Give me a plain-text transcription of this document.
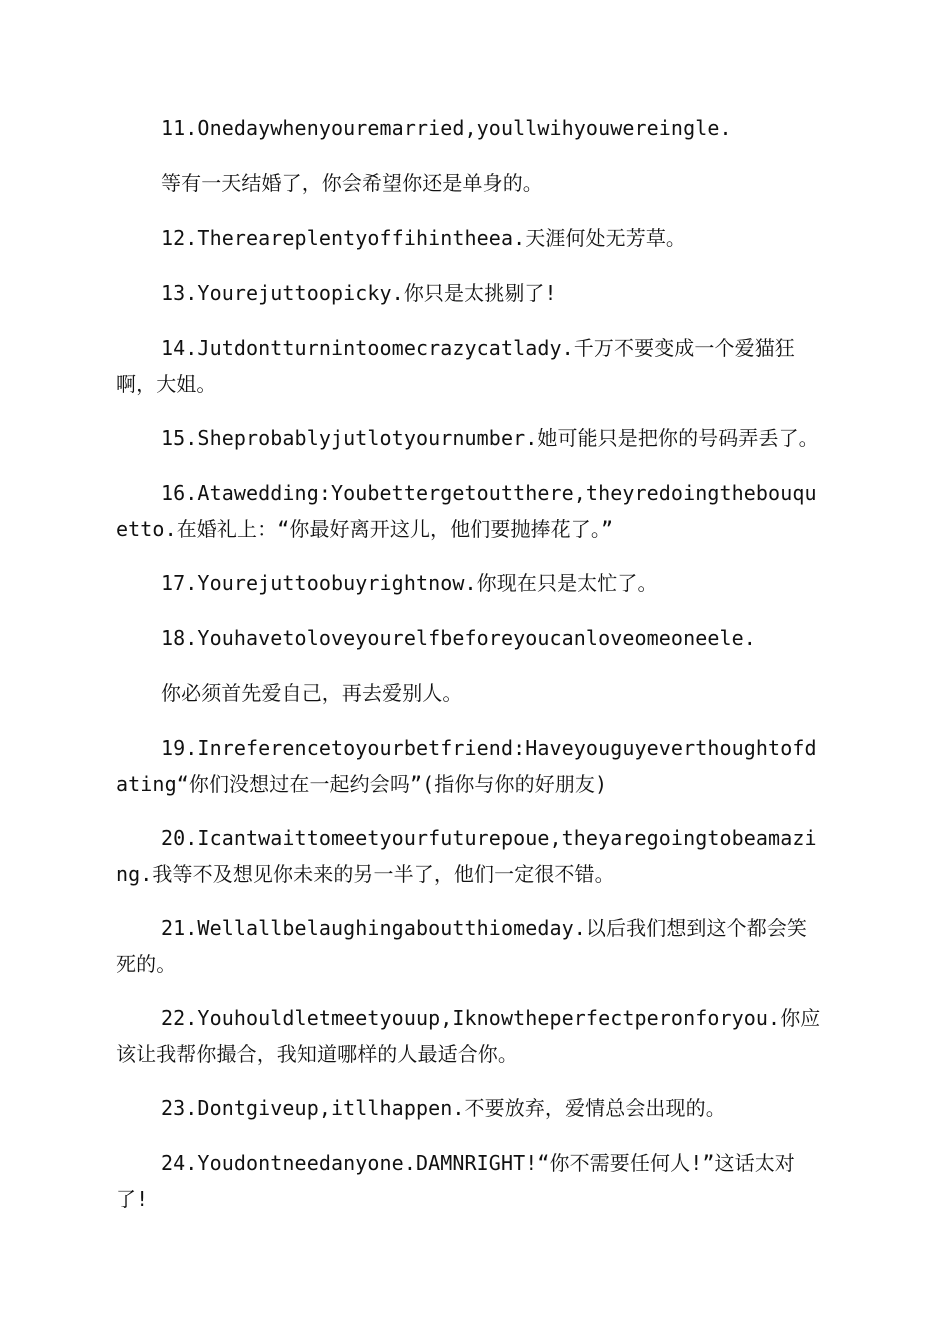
11.Onedaywhenyouremarried,youllwihyouwereingle.

等有一天结婚了，你会希望你还是单身的。

12.Thereareplentyoffihintheea.天涯何处无芳草。

13.Yourejuttoopicky.你只是太挑剔了!

14.Jutdontturnintoomecrazycatlady.千万不要变成一个爱猫狂啊，大姐。

15.Sheprobablyjutlotyournumber.她可能只是把你的号码弄丢了。

16.Atawedding:Youbettergetoutthere,theyredoingthebouquetto.在婚礼上：“你最好离开这儿，他们要抛捧花了。”

17.Yourejuttoobuyrightnow.你现在只是太忙了。

18.Youhavetoloveyourelfbeforeyoucanloveomeoneele.

你必须首先爱自己，再去爱别人。

19.Inreferencetoyourbetfriend:Haveyouguyeverthoughtofdating“你们没想过在一起约会吗”(指你与你的好朋友)

20.Icantwaittomeetyourfuturepoue,theyaregoingtobeamazing.我等不及想见你未来的另一半了，他们一定很不错。

21.Wellallbelaughingaboutthiomeday.以后我们想到这个都会笑死的。

22.Youhouldletmeetyouup,Iknowtheperfectperonforyou.你应该让我帮你撮合，我知道哪样的人最适合你。

23.Dontgiveup,itllhappen.不要放弃，爱情总会出现的。

24.Youdontneedanyone.DAMNRIGHT!“你不需要任何人!”这话太对了!
